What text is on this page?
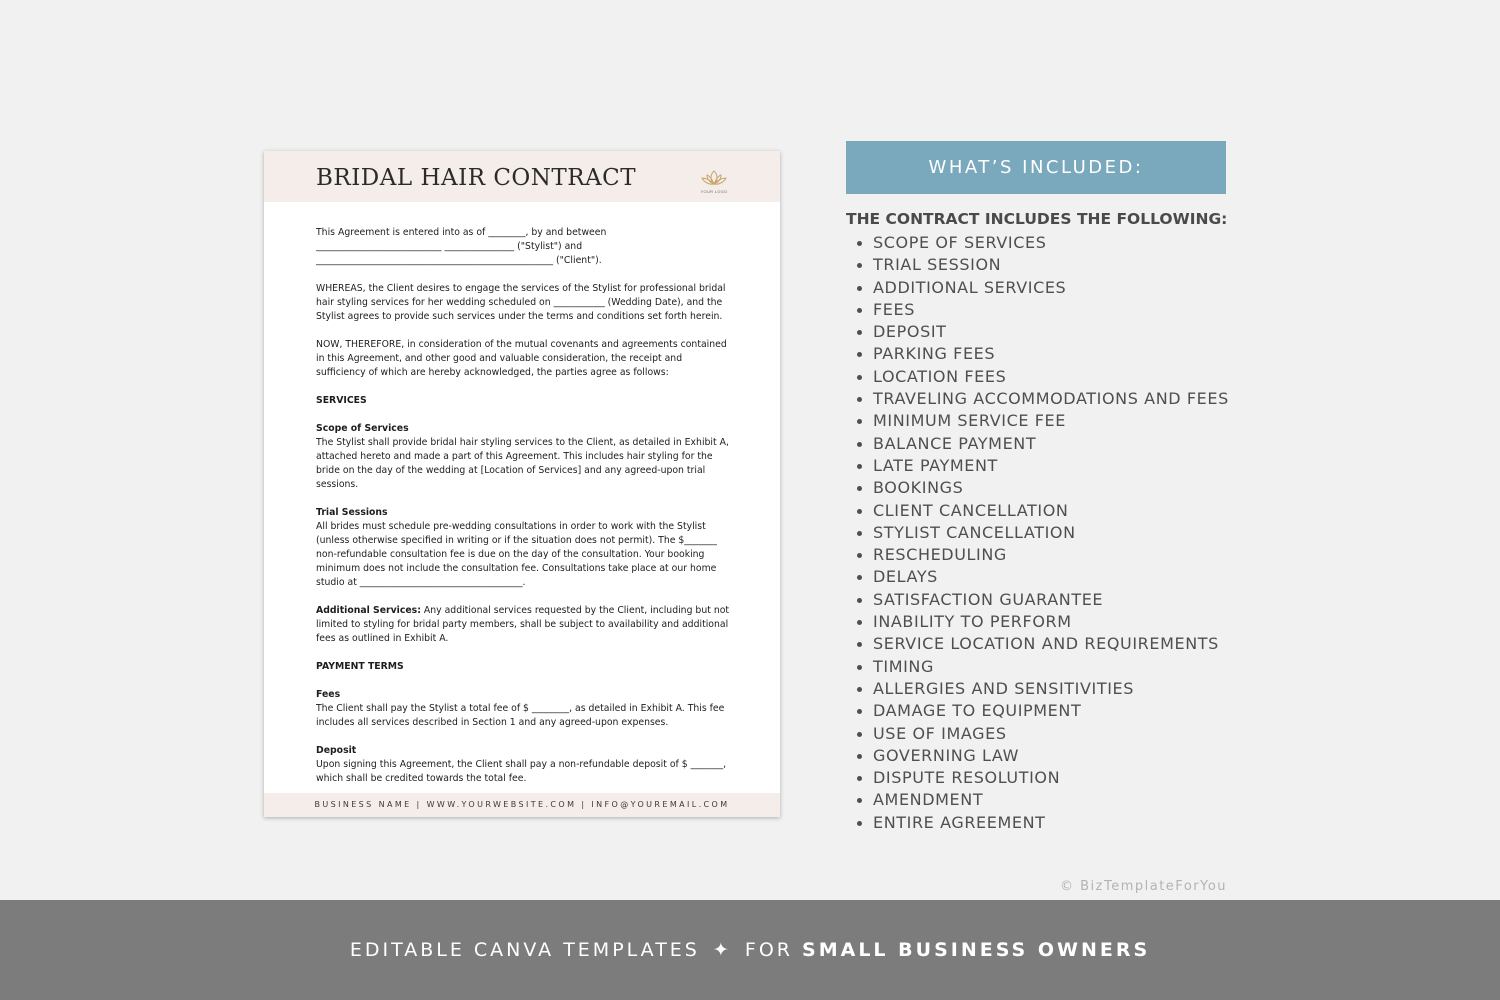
BRIDAL HAIR CONTRACT
YOUR LOGO

This Agreement is entered into as of ________, by and between ___________________________ _______________ ("Stylist") and ___________________________________________________ ("Client").

WHEREAS, the Client desires to engage the services of the Stylist for professional bridal hair styling services for her wedding scheduled on ___________ (Wedding Date), and the Stylist agrees to provide such services under the terms and conditions set forth herein.

NOW, THEREFORE, in consideration of the mutual covenants and agreements contained in this Agreement, and other good and valuable consideration, the receipt and sufficiency of which are hereby acknowledged, the parties agree as follows:

SERVICES

Scope of Services
The Stylist shall provide bridal hair styling services to the Client, as detailed in Exhibit A, attached hereto and made a part of this Agreement. This includes hair styling for the bride on the day of the wedding at [Location of Services] and any agreed-upon trial sessions.

Trial Sessions
All brides must schedule pre-wedding consultations in order to work with the Stylist (unless otherwise specified in writing or if the situation does not permit). The $_______ non-refundable consultation fee is due on the day of the consultation. Your booking minimum does not include the consultation fee. Consultations take place at our home studio at ___________________________________.

Additional Services: Any additional services requested by the Client, including but not limited to styling for bridal party members, shall be subject to availability and additional fees as outlined in Exhibit A.

PAYMENT TERMS

Fees
The Client shall pay the Stylist a total fee of $ ________, as detailed in Exhibit A. This fee includes all services described in Section 1 and any agreed-upon expenses.

Deposit
Upon signing this Agreement, the Client shall pay a non-refundable deposit of $ _______, which shall be credited towards the total fee.

BUSINESS NAME | WWW.YOURWEBSITE.COM | INFO@YOUREMAIL.COM
WHAT’S INCLUDED:
THE CONTRACT INCLUDES THE FOLLOWING:
SCOPE OF SERVICES
TRIAL SESSION
ADDITIONAL SERVICES
FEES
DEPOSIT
PARKING FEES
LOCATION FEES
TRAVELING ACCOMMODATIONS AND FEES
MINIMUM SERVICE FEE
BALANCE PAYMENT
LATE PAYMENT
BOOKINGS
CLIENT CANCELLATION
STYLIST CANCELLATION
RESCHEDULING
DELAYS
SATISFACTION GUARANTEE
INABILITY TO PERFORM
SERVICE LOCATION AND REQUIREMENTS
TIMING
ALLERGIES AND SENSITIVITIES
DAMAGE TO EQUIPMENT
USE OF IMAGES
GOVERNING LAW
DISPUTE RESOLUTION
AMENDMENT
ENTIRE AGREEMENT
© BizTemplateForYou
EDITABLE CANVA TEMPLATES ✦ FOR SMALL BUSINESS OWNERS
